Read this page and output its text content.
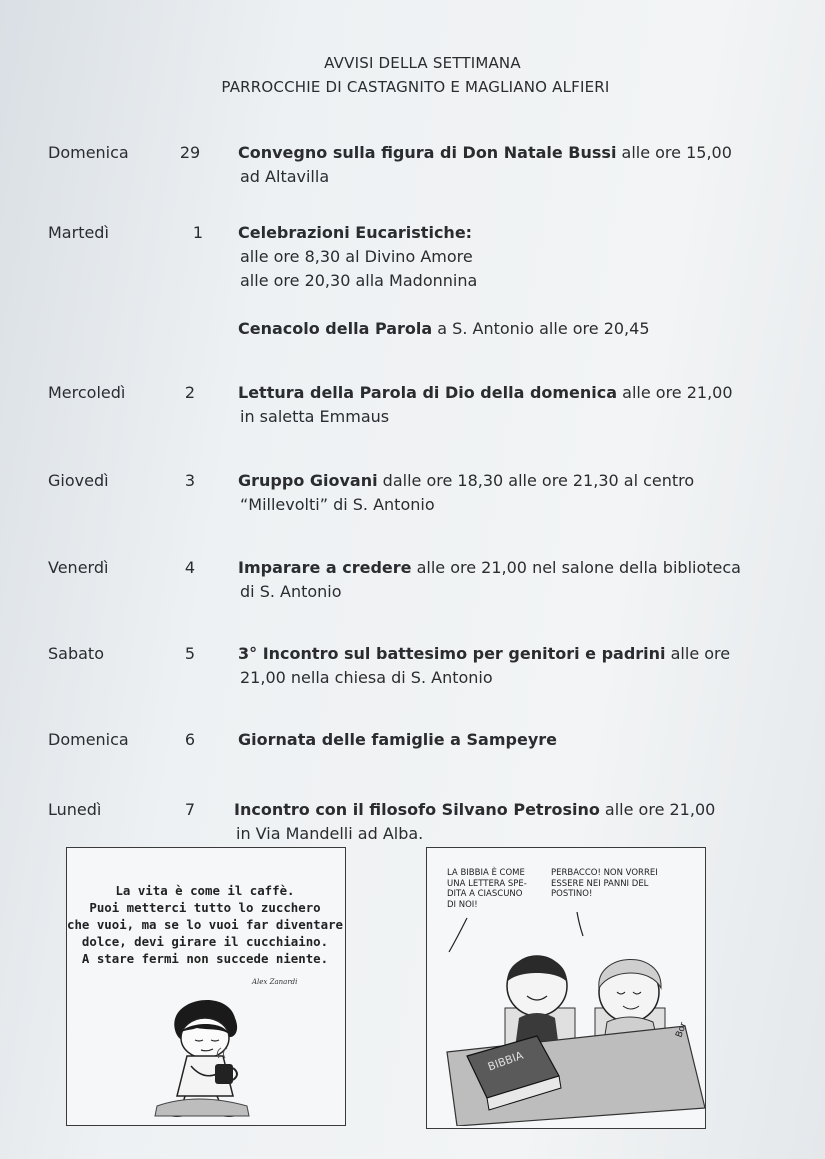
AVVISI DELLA SETTIMANA
PARROCCHIE DI CASTAGNITO E MAGLIANO ALFIERI
Domenica	29	Convegno sulla figura di Don Natale Bussi alle ore 15,00
ad Altavilla
Martedì	1	Celebrazioni Eucaristiche:
alle ore 8,30 al Divino Amore
alle ore 20,30 alla Madonnina
Cenacolo della Parola a S. Antonio alle ore 20,45
Mercoledì	2	Lettura della Parola di Dio della domenica alle ore 21,00
in saletta Emmaus
Giovedì	3	Gruppo Giovani dalle ore 18,30 alle ore 21,30 al centro
“Millevolti” di S. Antonio
Venerdì	4	Imparare a credere alle ore 21,00 nel salone della biblioteca
di S. Antonio
Sabato	5	3° Incontro sul battesimo per genitori e padrini alle ore
21,00 nella chiesa di S. Antonio
Domenica	6	Giornata delle famiglie a Sampeyre
Lunedì	7	Incontro con il filosofo Silvano Petrosino alle ore 21,00
in Via Mandelli ad Alba.
La vita è come il caffè.
Puoi metterci tutto lo zucchero
che vuoi, ma se lo vuoi far diventare
dolce, devi girare il cucchiaino.
A stare fermi non succede niente.
Alex Zanardi
LA BIBBIA È COME
UNA LETTERA SPE-
DITA A CIASCUNO
DI NOI!
PERBACCO! NON VORREI
ESSERE NEI PANNI DEL
POSTINO!
BIBBIA
Bor
